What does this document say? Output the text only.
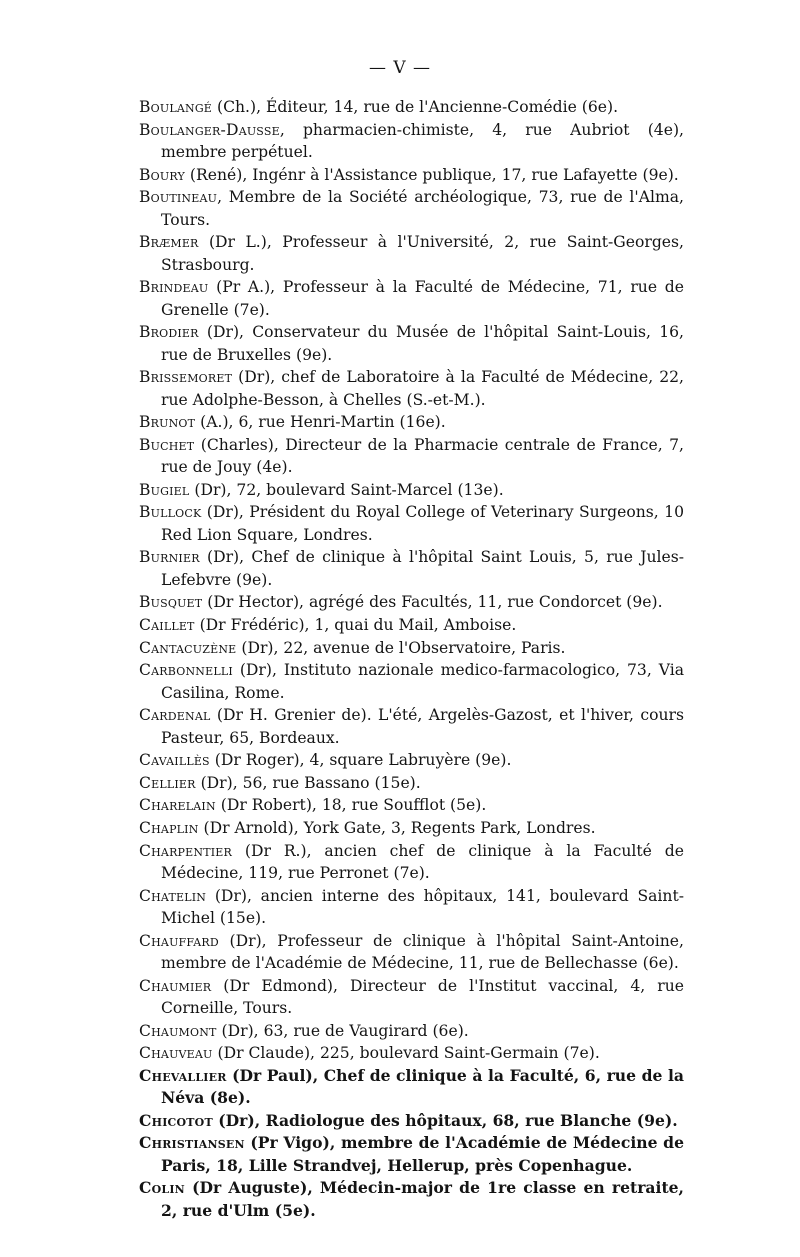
— V —

Boulangé (Ch.), Éditeur, 14, rue de l'Ancienne-Comédie (6e).

Boulanger-Dausse, pharmacien-chimiste, 4, rue Aubriot (4e), membre perpétuel.

Boury (René), Ingénr à l'Assistance publique, 17, rue Lafayette (9e).

Boutineau, Membre de la Société archéologique, 73, rue de l'Alma, Tours.

Bræmer (Dr L.), Professeur à l'Université, 2, rue Saint-Georges, Strasbourg.

Brindeau (Pr A.), Professeur à la Faculté de Médecine, 71, rue de Grenelle (7e).

Brodier (Dr), Conservateur du Musée de l'hôpital Saint-Louis, 16, rue de Bruxelles (9e).

Brissemoret (Dr), chef de Laboratoire à la Faculté de Médecine, 22, rue Adolphe-Besson, à Chelles (S.-et-M.).

Brunot (A.), 6, rue Henri-Martin (16e).

Buchet (Charles), Directeur de la Pharmacie centrale de France, 7, rue de Jouy (4e).

Bugiel (Dr), 72, boulevard Saint-Marcel (13e).

Bullock (Dr), Président du Royal College of Veterinary Surgeons, 10 Red Lion Square, Londres.

Burnier (Dr), Chef de clinique à l'hôpital Saint Louis, 5, rue Jules-Lefebvre (9e).

Busquet (Dr Hector), agrégé des Facultés, 11, rue Condorcet (9e).

Caillet (Dr Frédéric), 1, quai du Mail, Amboise.

Cantacuzène (Dr), 22, avenue de l'Observatoire, Paris.

Carbonnelli (Dr), Instituto nazionale medico-farmacologico, 73, Via Casilina, Rome.

Cardenal (Dr H. Grenier de). L'été, Argelès-Gazost, et l'hiver, cours Pasteur, 65, Bordeaux.

Cavaillès (Dr Roger), 4, square Labruyère (9e).

Cellier (Dr), 56, rue Bassano (15e).

Charelain (Dr Robert), 18, rue Soufflot (5e).

Chaplin (Dr Arnold), York Gate, 3, Regents Park, Londres.

Charpentier (Dr R.), ancien chef de clinique à la Faculté de Médecine, 119, rue Perronet (7e).

Chatelin (Dr), ancien interne des hôpitaux, 141, boulevard Saint-Michel (15e).

Chauffard (Dr), Professeur de clinique à l'hôpital Saint-Antoine, membre de l'Académie de Médecine, 11, rue de Bellechasse (6e).

Chaumier (Dr Edmond), Directeur de l'Institut vaccinal, 4, rue Corneille, Tours.

Chaumont (Dr), 63, rue de Vaugirard (6e).

Chauveau (Dr Claude), 225, boulevard Saint-Germain (7e).

Chevallier (Dr Paul), Chef de clinique à la Faculté, 6, rue de la Néva (8e).

Chicotot (Dr), Radiologue des hôpitaux, 68, rue Blanche (9e).

Christiansen (Pr Vigo), membre de l'Académie de Médecine de Paris, 18, Lille Strandvej, Hellerup, près Copenhague.

Colin (Dr Auguste), Médecin-major de 1re classe en retraite, 2, rue d'Ulm (5e).
